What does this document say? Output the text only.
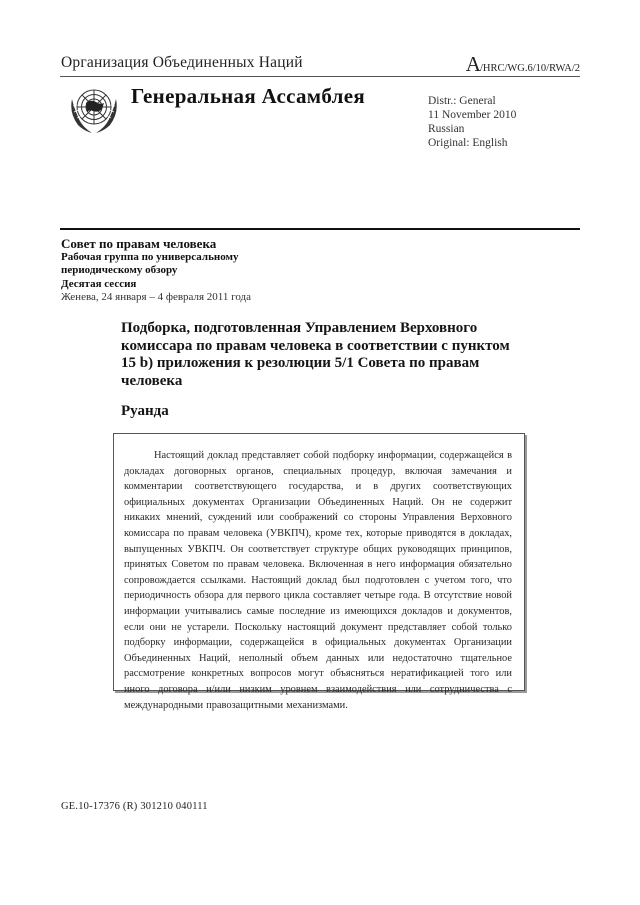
Организация Объединенных Наций	A/HRC/WG.6/10/RWA/2
Генеральная Ассамблея	Distr.: General
11 November 2010
Russian
Original: English
Совет по правам человека
Рабочая группа по универсальному
периодическому обзору
Десятая сессия
Женева, 24 января – 4 февраля 2011 года
Подборка, подготовленная Управлением Верховного комиссара по правам человека в соответствии с пунктом 15 b) приложения к резолюции 5/1 Совета по правам человека
Руанда
Настоящий доклад представляет собой подборку информации, содержащейся в докладах договорных органов, специальных процедур, включая замечания и комментарии соответствующего государства, и в других соответствующих официальных документах Организации Объединенных Наций. Он не содержит никаких мнений, суждений или соображений со стороны Управления Верховного комиссара по правам человека (УВКПЧ), кроме тех, которые приводятся в докладах, выпущенных УВКПЧ. Он соответствует структуре общих руководящих принципов, принятых Советом по правам человека. Включенная в него информация обязательно сопровождается ссылками. Настоящий доклад был подготовлен с учетом того, что периодичность обзора для первого цикла составляет четыре года. В отсутствие новой информации учитывались самые последние из имеющихся докладов и документов, если они не устарели. Поскольку настоящий документ представляет собой только подборку информации, содержащейся в официальных документах Организации Объединенных Наций, неполный объем данных или недостаточно тщательное рассмотрение конкретных вопросов могут объясняться нератификацией того или иного договора и/или низким уровнем взаимодействия или сотрудничества с международными правозащитными механизмами.
GE.10-17376 (R) 301210 040111
